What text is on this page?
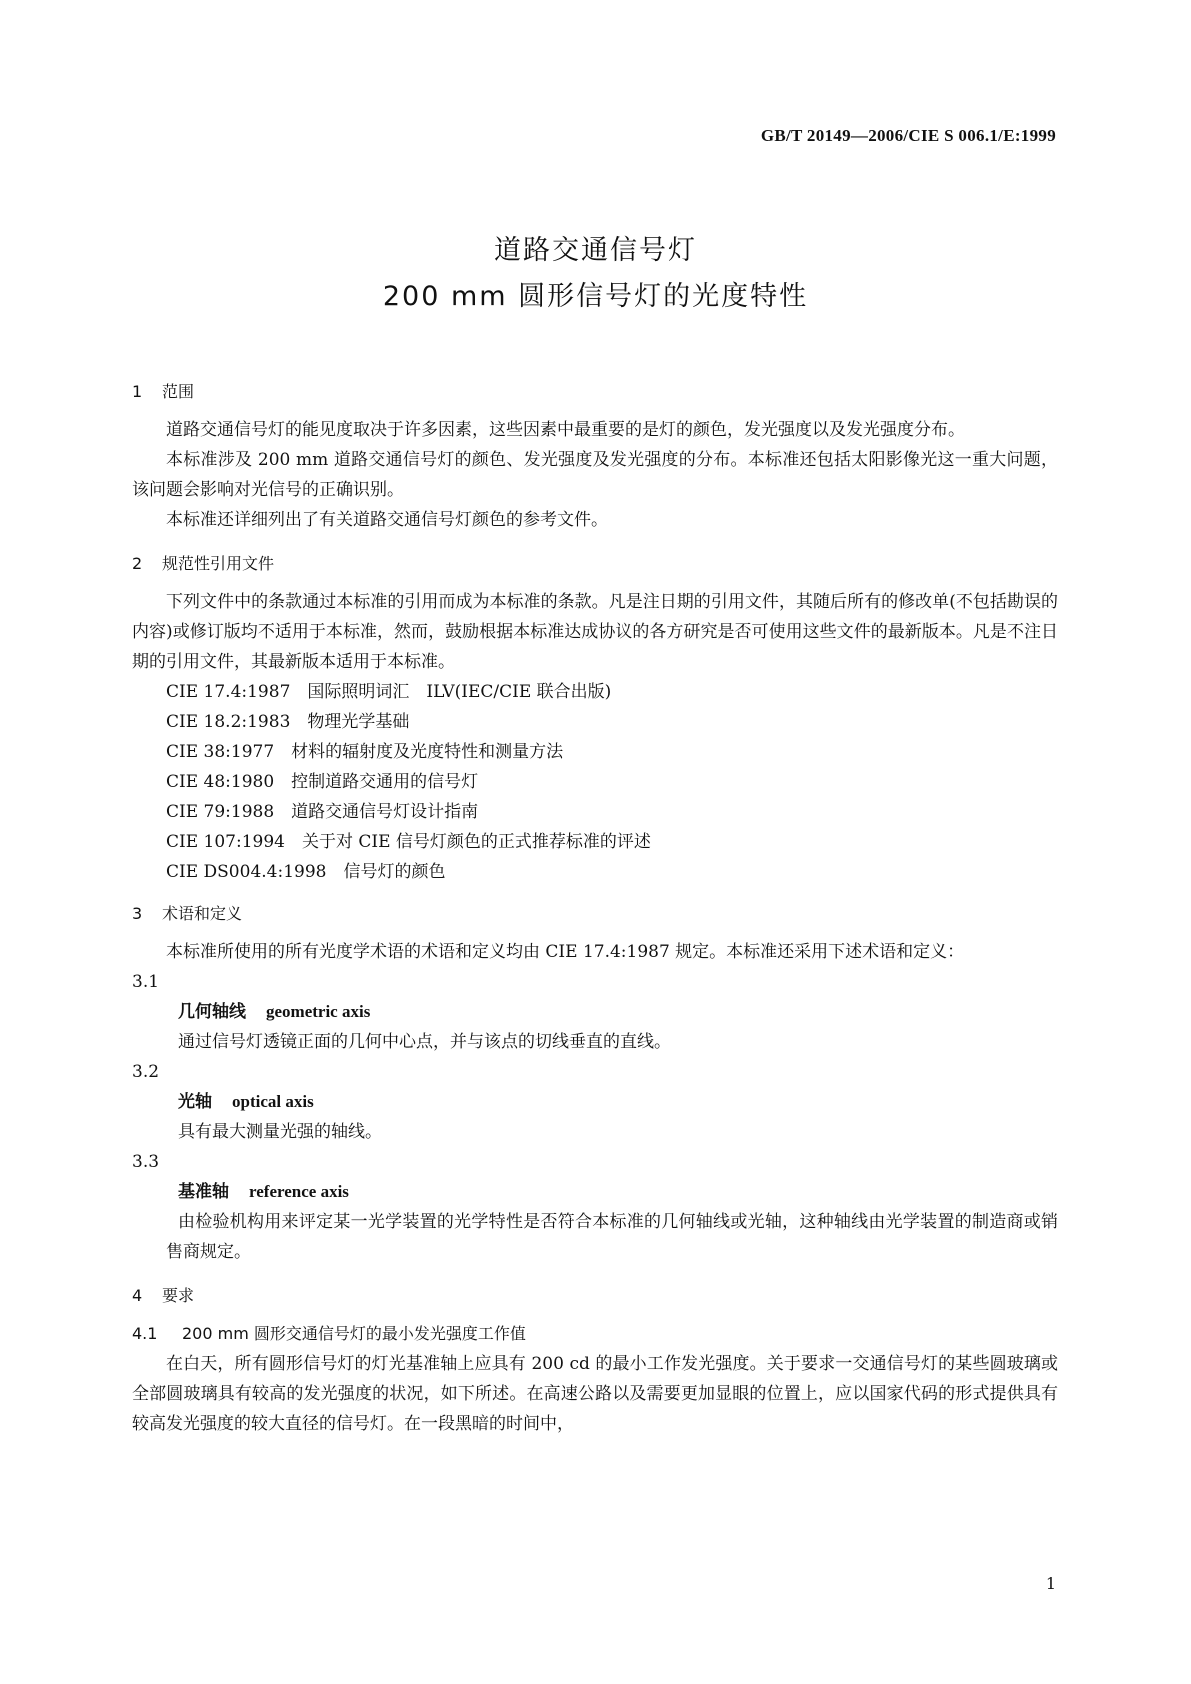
GB/T 20149—2006/CIE S 006.1/E:1999
道路交通信号灯
200 mm 圆形信号灯的光度特性
1 范围

道路交通信号灯的能见度取决于许多因素，这些因素中最重要的是灯的颜色，发光强度以及发光强度分布。

本标准涉及 200 mm 道路交通信号灯的颜色、发光强度及发光强度的分布。本标准还包括太阳影像光这一重大问题，该问题会影响对光信号的正确识别。

本标准还详细列出了有关道路交通信号灯颜色的参考文件。

2 规范性引用文件

下列文件中的条款通过本标准的引用而成为本标准的条款。凡是注日期的引用文件，其随后所有的修改单(不包括勘误的内容)或修订版均不适用于本标准，然而，鼓励根据本标准达成协议的各方研究是否可使用这些文件的最新版本。凡是不注日期的引用文件，其最新版本适用于本标准。

CIE 17.4:1987　国际照明词汇　ILV(IEC/CIE 联合出版)

CIE 18.2:1983　物理光学基础

CIE 38:1977　材料的辐射度及光度特性和测量方法

CIE 48:1980　控制道路交通用的信号灯

CIE 79:1988　道路交通信号灯设计指南

CIE 107:1994　关于对 CIE 信号灯颜色的正式推荐标准的评述

CIE DS004.4:1998　信号灯的颜色

3 术语和定义

本标准所使用的所有光度学术语的术语和定义均由 CIE 17.4:1987 规定。本标准还采用下述术语和定义：

3.1

几何轴线 geometric axis

通过信号灯透镜正面的几何中心点，并与该点的切线垂直的直线。

3.2

光轴 optical axis

具有最大测量光强的轴线。

3.3

基准轴 reference axis

由检验机构用来评定某一光学装置的光学特性是否符合本标准的几何轴线或光轴，这种轴线由光学装置的制造商或销售商规定。

4 要求
4.1 200 mm 圆形交通信号灯的最小发光强度工作值

在白天，所有圆形信号灯的灯光基准轴上应具有 200 cd 的最小工作发光强度。关于要求一交通信号灯的某些圆玻璃或全部圆玻璃具有较高的发光强度的状况，如下所述。在高速公路以及需要更加显眼的位置上，应以国家代码的形式提供具有较高发光强度的较大直径的信号灯。在一段黑暗的时间中，

1
